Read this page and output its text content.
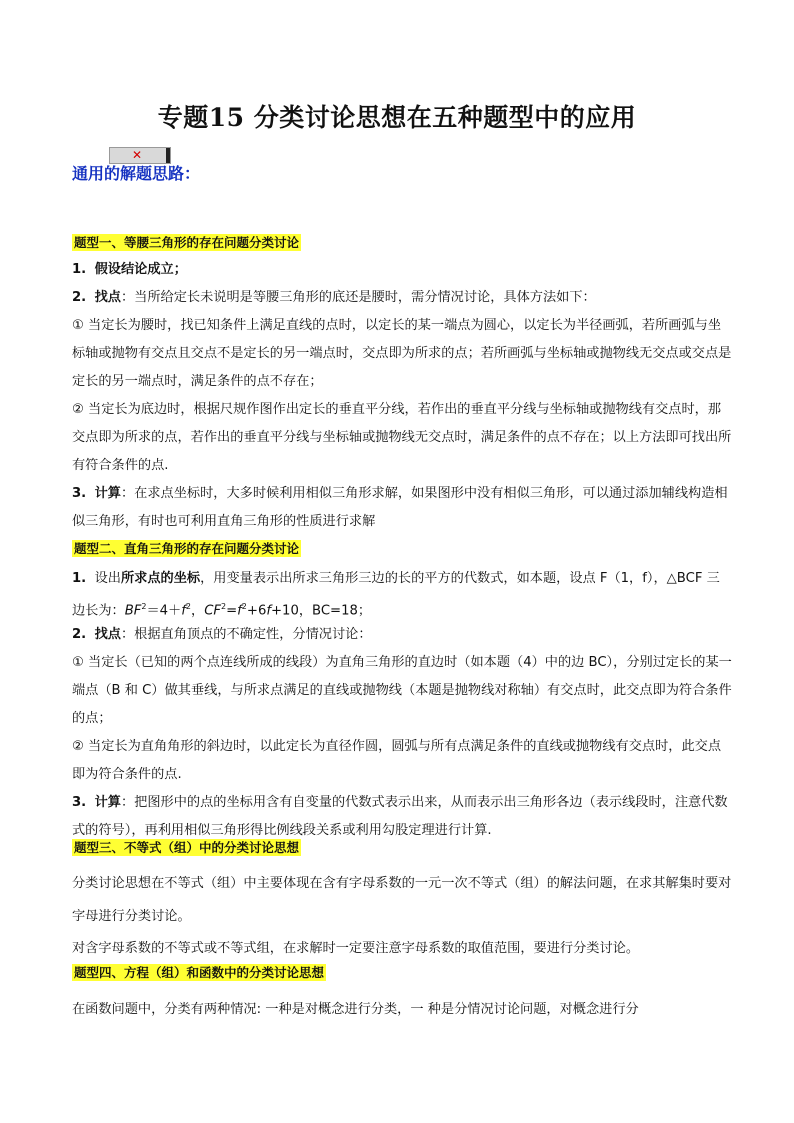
专题15 分类讨论思想在五种题型中的应用
✕
通用的解题思路：
题型一、等腰三角形的存在问题分类讨论
1. 假设结论成立；
2. 找点：当所给定长未说明是等腰三角形的底还是腰时，需分情况讨论，具体方法如下：
① 当定长为腰时，找已知条件上满足直线的点时，以定长的某一端点为圆心，以定长为半径画弧，若所画弧与坐标轴或抛物有交点且交点不是定长的另一端点时，交点即为所求的点；若所画弧与坐标轴或抛物线无交点或交点是定长的另一端点时，满足条件的点不存在；
② 当定长为底边时，根据尺规作图作出定长的垂直平分线，若作出的垂直平分线与坐标轴或抛物线有交点时，那交点即为所求的点，若作出的垂直平分线与坐标轴或抛物线无交点时，满足条件的点不存在；以上方法即可找出所有符合条件的点.
3. 计算：在求点坐标时，大多时候利用相似三角形求解，如果图形中没有相似三角形，可以通过添加辅线构造相似三角形，有时也可利用直角三角形的性质进行求解
题型二、直角三角形的存在问题分类讨论
1. 设出所求点的坐标，用变量表示出所求三角形三边的长的平方的代数式，如本题，设点 F（1，f），△BCF 三边长为：$BF^2=4+f^2$，$CF^2=f^2+6f+10$，BC=18；
2. 找点：根据直角顶点的不确定性，分情况讨论：
① 当定长（已知的两个点连线所成的线段）为直角三角形的直边时（如本题（4）中的边 BC），分别过定长的某一端点（B 和 C）做其垂线，与所求点满足的直线或抛物线（本题是抛物线对称轴）有交点时，此交点即为符合条件的点；
② 当定长为直角角形的斜边时，以此定长为直径作圆，圆弧与所有点满足条件的直线或抛物线有交点时，此交点即为符合条件的点.
3. 计算：把图形中的点的坐标用含有自变量的代数式表示出来，从而表示出三角形各边（表示线段时，注意代数式的符号），再利用相似三角形得比例线段关系或利用勾股定理进行计算.
题型三、不等式（组）中的分类讨论思想
分类讨论思想在不等式（组）中主要体现在含有字母系数的一元一次不等式（组）的解法问题，在求其解集时要对字母进行分类讨论。
对含字母系数的不等式或不等式组，在求解时一定要注意字母系数的取值范围，要进行分类讨论。
题型四、方程（组）和函数中的分类讨论思想
在函数问题中，分类有两种情况: 一种是对概念进行分类，一 种是分情况讨论问题，对概念进行分
